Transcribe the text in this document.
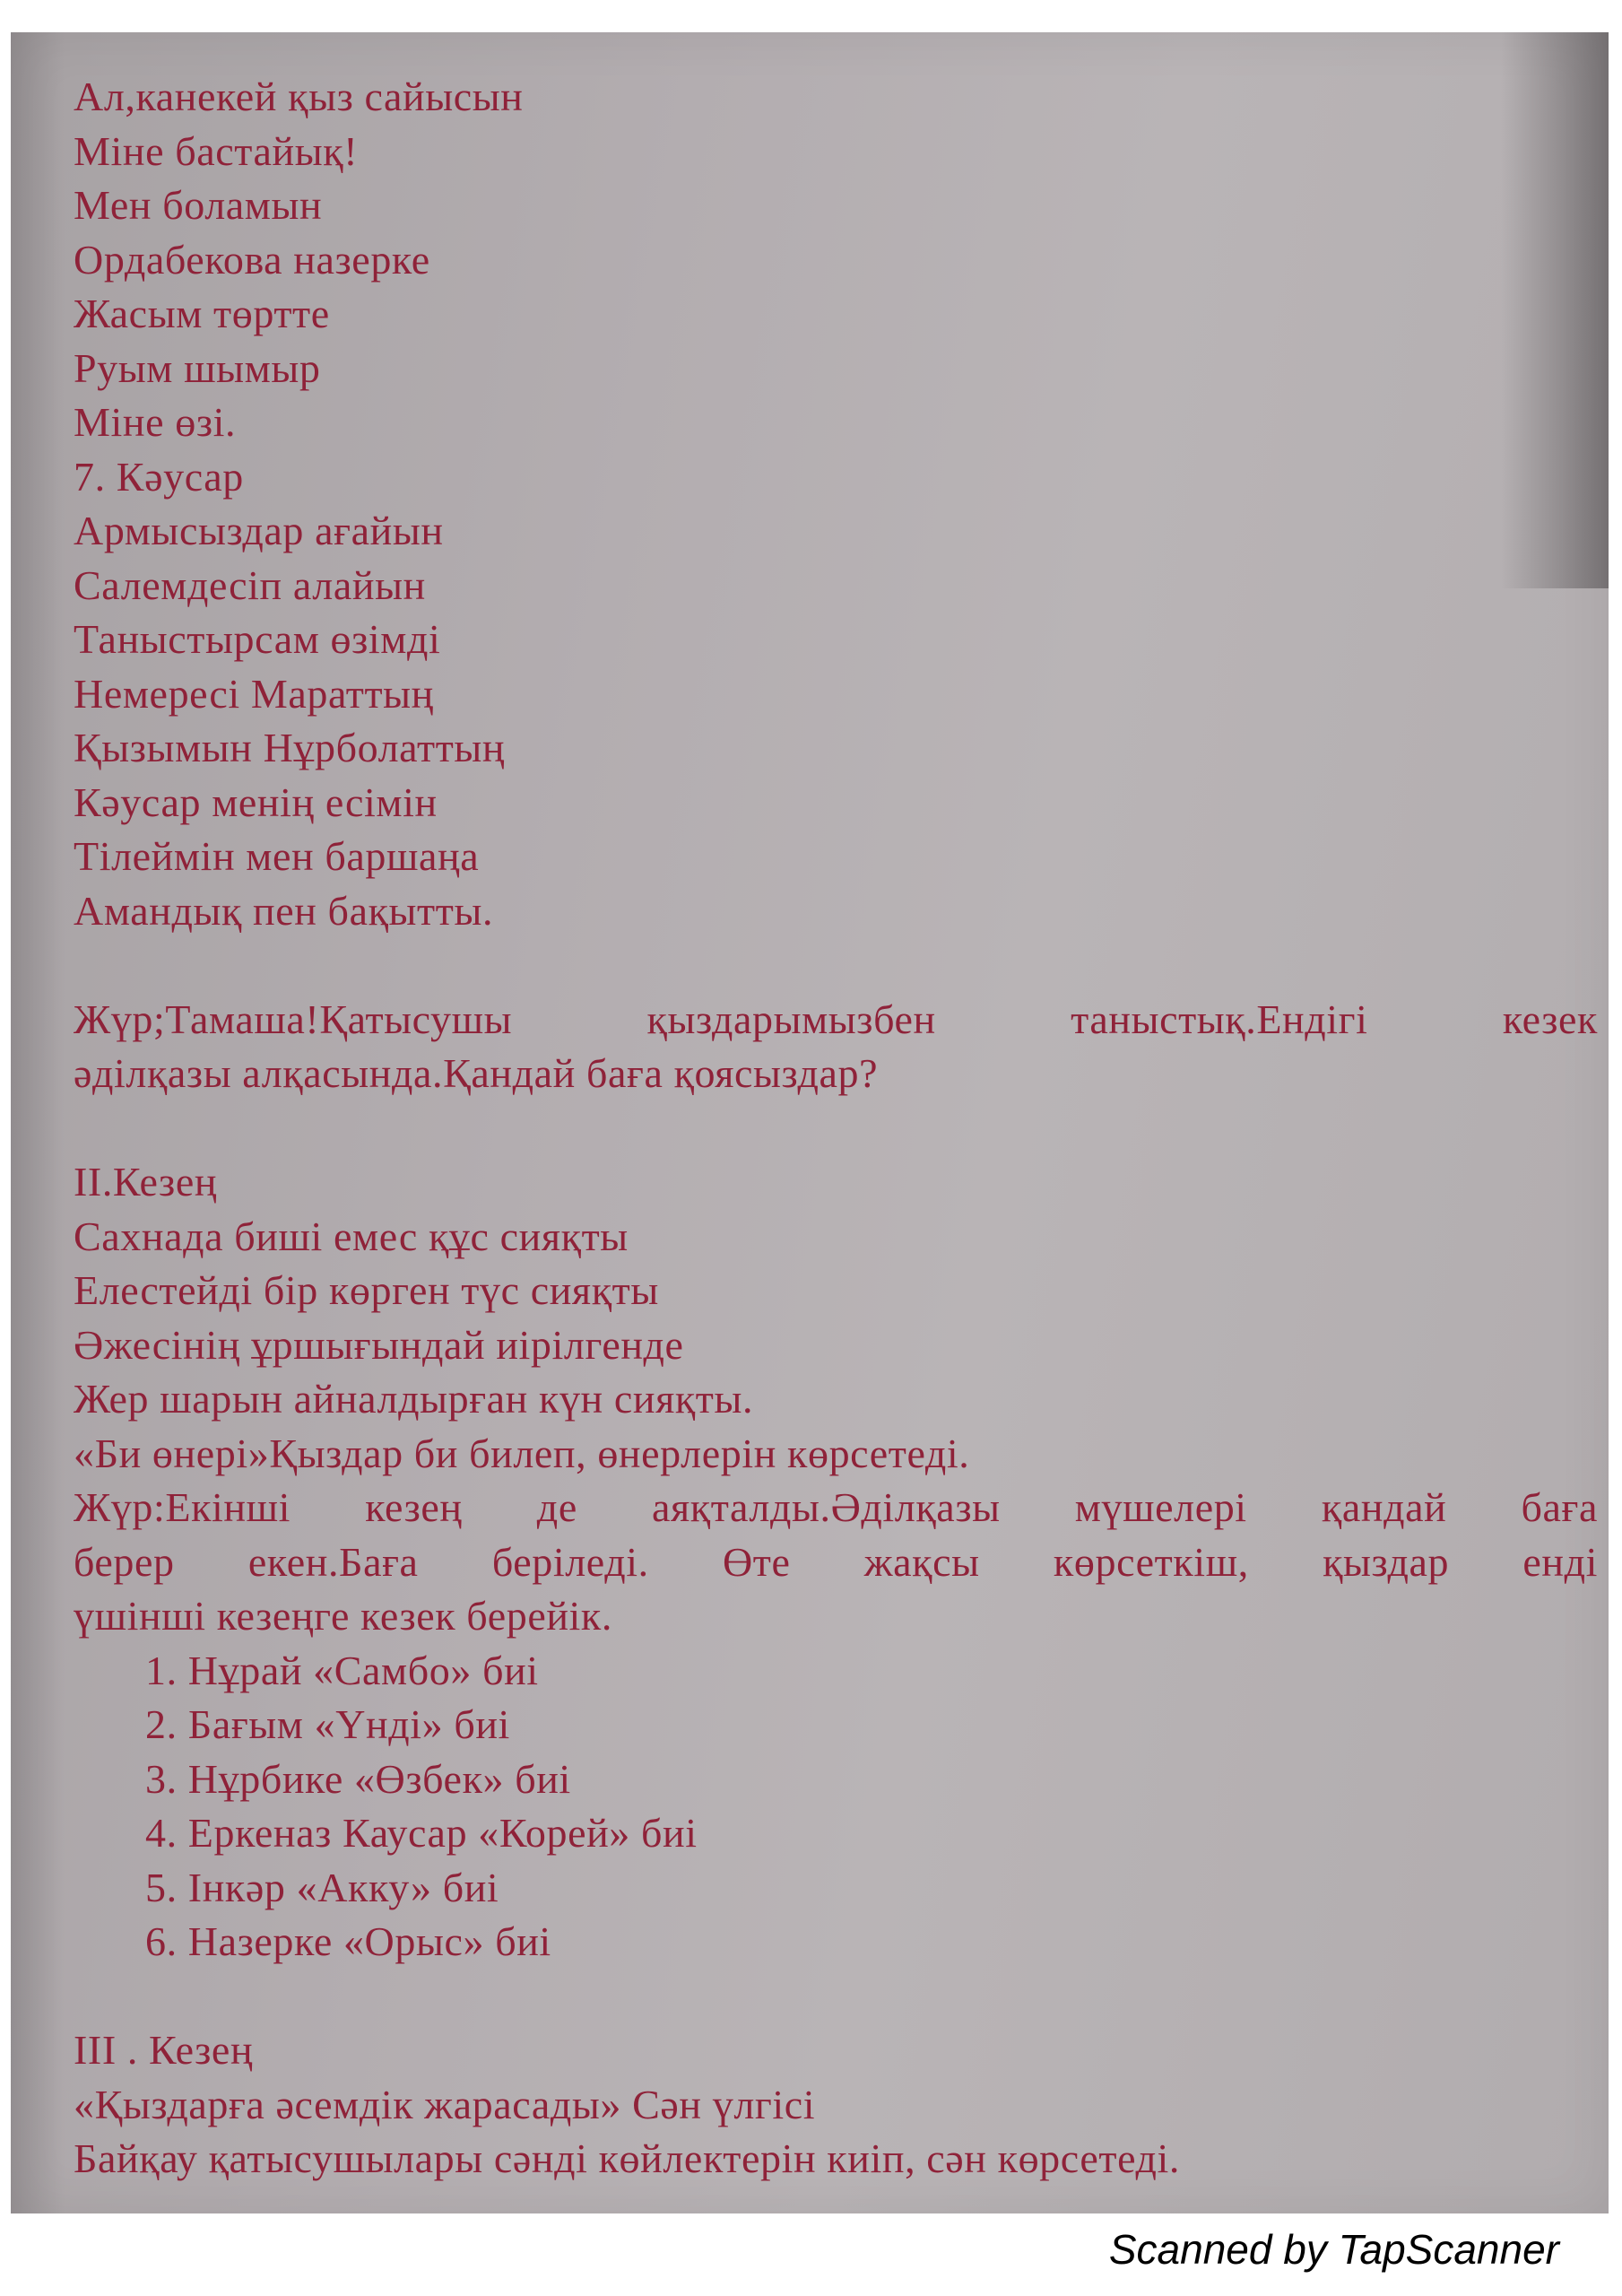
Ал,канекей қыз сайысын
Міне бастайық!
Мен боламын
Ордабекова назерке
Жасым төртте
Руым шымыр
Міне өзі.
7. Кәусар
Армысыздар ағайын
Салемдесіп алайын
Таныстырсам өзімді
Немересі Мараттың
Қызымын Нұрболаттың
Кәусар менің есімін
Тілеймін мен баршаңа
Амандық пен бақытты.
Жүр;Тамаша!Қатысушы қыздарымызбен таныстық.Ендігі кезек
әділқазы алқасында.Қандай баға қоясыздар?
ІІ.Кезең
Сахнада биші емес құс сияқты
Елестейді бір көрген түс сияқты
Әжесінің ұршығындай иірілгенде
Жер шарын айналдырған күн сияқты.
«Би өнері»Қыздар би билеп, өнерлерін көрсетеді.
Жүр:Екінші кезең де аяқталды.Әділқазы мүшелері қандай баға
берер екен.Баға беріледі. Өте жақсы көрсеткіш, қыздар енді
үшінші кезеңге кезек берейік.
1. Нұрай «Самбо» биі
2. Бағым «Үнді» биі
3. Нұрбике «Өзбек» биі
4. Еркеназ Каусар «Корей» биі
5. Інкәр «Акку» биі
6. Назерке «Орыс» биі
ІІІ . Кезең
«Қыздарға әсемдік жарасады» Сән үлгісі
Байқау қатысушылары сәнді көйлектерін киіп, сән көрсетеді.
Scanned by TapScanner
